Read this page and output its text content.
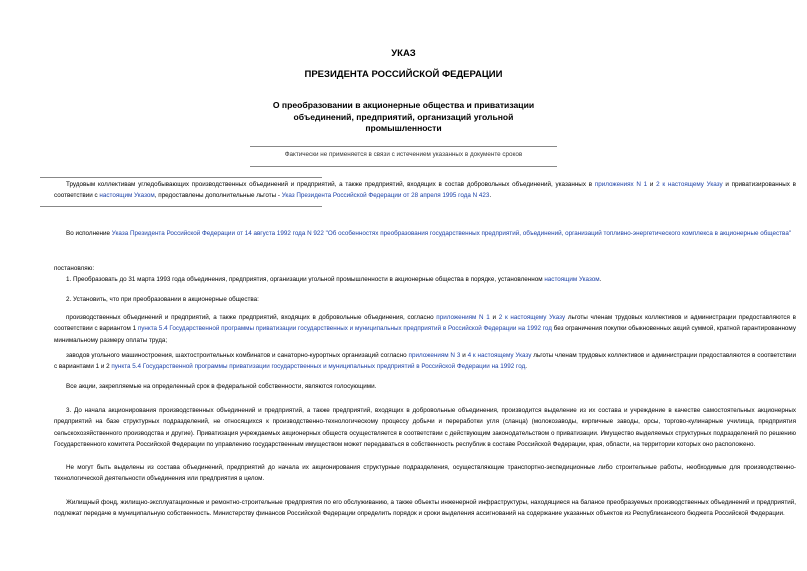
УКАЗ
ПРЕЗИДЕНТА РОССИЙСКОЙ ФЕДЕРАЦИИ
О преобразовании в акционерные общества и приватизации
объединений, предприятий, организаций угольной
промышленности
Фактически не применяется в связи с истечением указанных в документе сроков
Трудовым коллективам угледобывающих производственных объединений и предприятий, а также предприятий, входящих в состав добровольных объединений, указанных в приложениях N 1 и 2 к настоящему Указу и приватизированных в соответствии с настоящим Указом, предоставлены дополнительные льготы - Указ Президента Российской Федерации от 28 апреля 1995 года N 423.
Во исполнение Указа Президента Российской Федерации от 14 августа 1992 года N 922 "Об особенностях преобразования государственных предприятий, объединений, организаций топливно-энергетического комплекса в акционерные общества"
постановляю:
1. Преобразовать до 31 марта 1993 года объединения, предприятия, организации угольной промышленности в акционерные общества в порядке, установленном настоящим Указом.
2. Установить, что при преобразовании в акционерные общества:
производственных объединений и предприятий, а также предприятий, входящих в добровольные объединения, согласно приложениям N 1 и 2 к настоящему Указу льготы членам трудовых коллективов и администрации предоставляются в соответствии с вариантом 1 пункта 5.4 Государственной программы приватизации государственных и муниципальных предприятий в Российской Федерации на 1992 год без ограничения покупки обыкновенных акций суммой, кратной гарантированному минимальному размеру оплаты труда;
заводов угольного машиностроения, шахтостроительных комбинатов и санаторно-курортных организаций согласно приложениям N 3 и 4 к настоящему Указу льготы членам трудовых коллективов и администрации предоставляются в соответствии с вариантами 1 и 2 пункта 5.4 Государственной программы приватизации государственных и муниципальных предприятий в Российской Федерации на 1992 год.
Все акции, закрепляемые на определенный срок в федеральной собственности, являются голосующими.
3. До начала акционирования производственных объединений и предприятий, а также предприятий, входящих в добровольные объединения, производится выделение из их состава и учреждение в качестве самостоятельных акционерных предприятий на базе структурных подразделений, не относящихся к производственно-технологическому процессу добычи и переработки угля (сланца) (молокозаводы, кирпичные заводы, орсы, торгово-кулинарные училища, предприятия сельскохозяйственного производства и другие). Приватизация учреждаемых акционерных обществ осуществляется в соответствии с действующим законодательством о приватизации. Имущество выделяемых структурных подразделений по решению Государственного комитета Российской Федерации по управлению государственным имуществом может передаваться в собственность республик в составе Российской Федерации, края, области, на территории которых оно расположено.
Не могут быть выделены из состава объединений, предприятий до начала их акционирования структурные подразделения, осуществляющие транспортно-экспедиционные либо строительные работы, необходимые для производственно-технологической деятельности объединения или предприятия в целом.
Жилищный фонд, жилищно-эксплуатационные и ремонтно-строительные предприятия по его обслуживанию, а также объекты инженерной инфраструктуры, находящиеся на балансе преобразуемых производственных объединений и предприятий, подлежат передаче в муниципальную собственность. Министерству финансов Российской Федерации определить порядок и сроки выделения ассигнований на содержание указанных объектов из Республиканского бюджета Российской Федерации.
